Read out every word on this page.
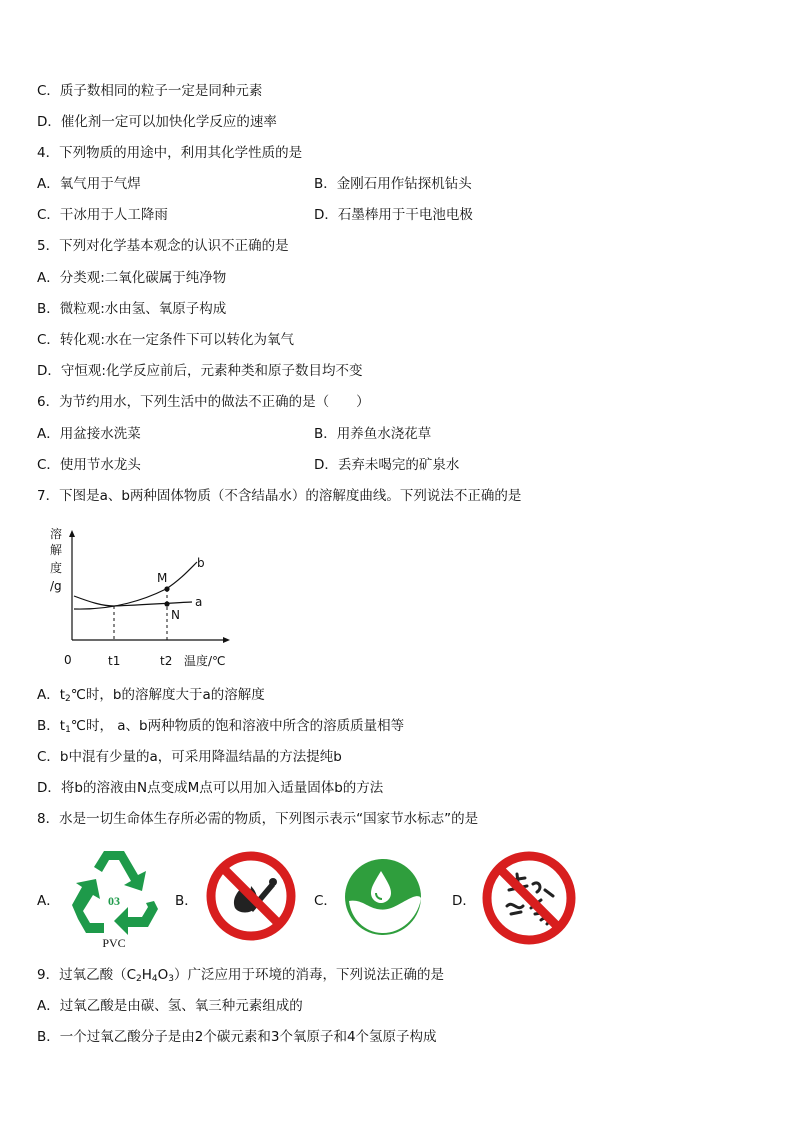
C．质子数相同的粒子一定是同种元素
D．催化剂一定可以加快化学反应的速率
4．下列物质的用途中，利用其化学性质的是
A．氧气用于气焊	B．金刚石用作钻探机钻头
C．干冰用于人工降雨	D．石墨棒用于干电池电极
5．下列对化学基本观念的认识不正确的是
A．分类观:二氧化碳属于纯净物
B．微粒观:水由氢、氧原子构成
C．转化观:水在一定条件下可以转化为氧气
D．守恒观:化学反应前后，元素种类和原子数目均不变
6．为节约用水，下列生活中的做法不正确的是（　　）
A．用盆接水洗菜	B．用养鱼水浇花草
C．使用节水龙头	D．丢弃未喝完的矿泉水
7．下图是a、b两种固体物质（不含结晶水）的溶解度曲线。下列说法不正确的是
溶
解
度
/g
b
a
M
N
0	t1	t2 温度/℃
A．$t_2℃$时，b的溶解度大于a的溶解度
B．$t_1℃$时， a、b两种物质的饱和溶液中所含的溶质质量相等
C．b中混有少量的a，可采用降温结晶的方法提纯b
D．将b的溶液由N点变成M点可以用加入适量固体b的方法
8．水是一切生命体生存所必需的物质，下列图示表示“国家节水标志”的是
A．	03
PVC
B．	C．	D．
9．过氧乙酸$(C_2H_4O_3)$广泛应用于环境的消毒，下列说法正确的是
A．过氧乙酸是由碳、氢、氧三种元素组成的
B．一个过氧乙酸分子是由2个碳元素和3个氧原子和4个氢原子构成
